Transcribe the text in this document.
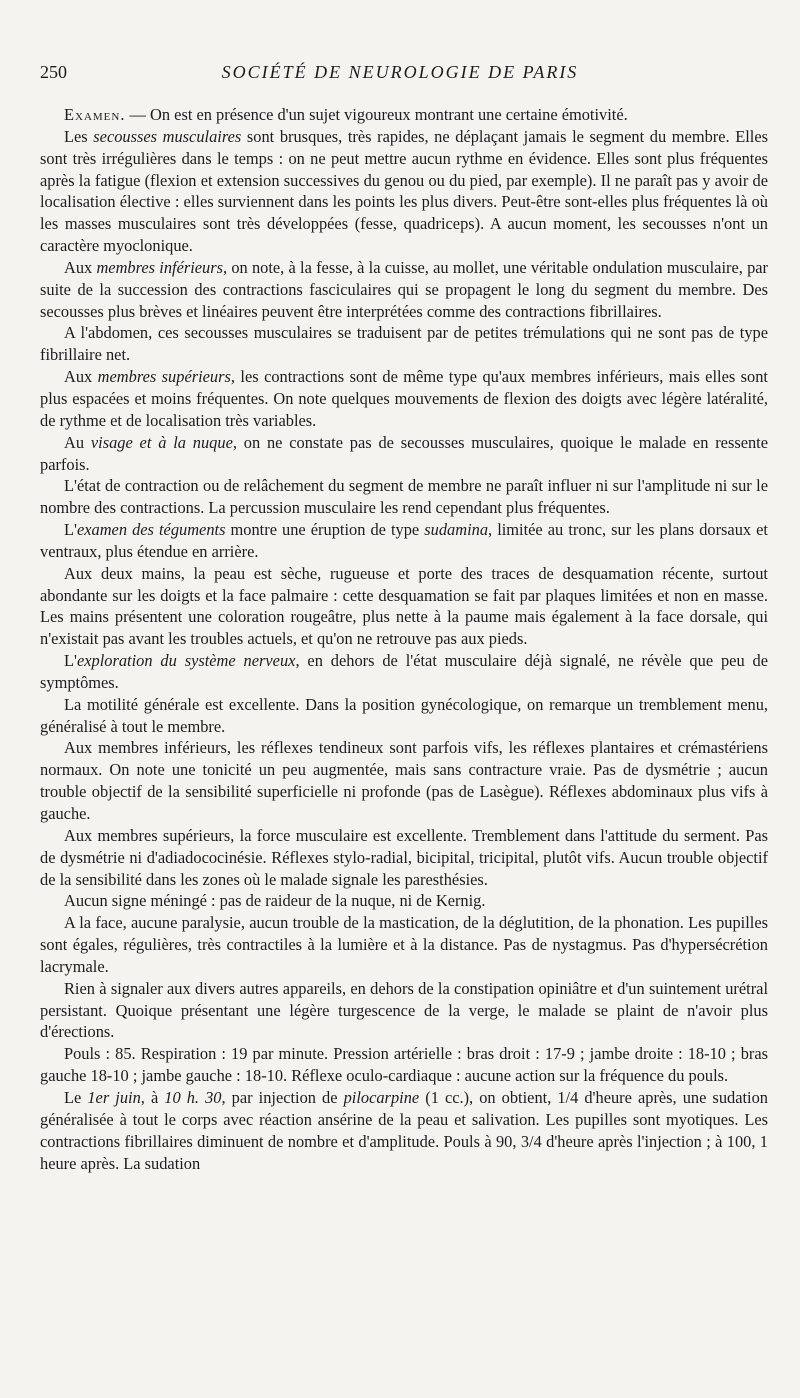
250	SOCIÉTÉ DE NEUROLOGIE DE PARIS

Examen. — On est en présence d'un sujet vigoureux montrant une certaine émotivité.

Les secousses musculaires sont brusques, très rapides, ne déplaçant jamais le segment du membre. Elles sont très irrégulières dans le temps : on ne peut mettre aucun rythme en évidence. Elles sont plus fréquentes après la fatigue (flexion et extension successives du genou ou du pied, par exemple). Il ne paraît pas y avoir de localisation élective : elles surviennent dans les points les plus divers. Peut-être sont-elles plus fréquentes là où les masses musculaires sont très développées (fesse, quadriceps). A aucun moment, les secousses n'ont un caractère myoclonique.

Aux membres inférieurs, on note, à la fesse, à la cuisse, au mollet, une véritable ondulation musculaire, par suite de la succession des contractions fasciculaires qui se propagent le long du segment du membre. Des secousses plus brèves et linéaires peuvent être interprétées comme des contractions fibrillaires.

A l'abdomen, ces secousses musculaires se traduisent par de petites trémulations qui ne sont pas de type fibrillaire net.

Aux membres supérieurs, les contractions sont de même type qu'aux membres inférieurs, mais elles sont plus espacées et moins fréquentes. On note quelques mouvements de flexion des doigts avec légère latéralité, de rythme et de localisation très variables.

Au visage et à la nuque, on ne constate pas de secousses musculaires, quoique le malade en ressente parfois.

L'état de contraction ou de relâchement du segment de membre ne paraît influer ni sur l'amplitude ni sur le nombre des contractions. La percussion musculaire les rend cependant plus fréquentes.

L'examen des téguments montre une éruption de type sudamina, limitée au tronc, sur les plans dorsaux et ventraux, plus étendue en arrière.

Aux deux mains, la peau est sèche, rugueuse et porte des traces de desquamation récente, surtout abondante sur les doigts et la face palmaire : cette desquamation se fait par plaques limitées et non en masse. Les mains présentent une coloration rougeâtre, plus nette à la paume mais également à la face dorsale, qui n'existait pas avant les troubles actuels, et qu'on ne retrouve pas aux pieds.

L'exploration du système nerveux, en dehors de l'état musculaire déjà signalé, ne révèle que peu de symptômes.

La motilité générale est excellente. Dans la position gynécologique, on remarque un tremblement menu, généralisé à tout le membre.

Aux membres inférieurs, les réflexes tendineux sont parfois vifs, les réflexes plantaires et crémastériens normaux. On note une tonicité un peu augmentée, mais sans contracture vraie. Pas de dysmétrie ; aucun trouble objectif de la sensibilité superficielle ni profonde (pas de Lasègue). Réflexes abdominaux plus vifs à gauche.

Aux membres supérieurs, la force musculaire est excellente. Tremblement dans l'attitude du serment. Pas de dysmétrie ni d'adiadococinésie. Réflexes stylo-radial, bicipital, tricipital, plutôt vifs. Aucun trouble objectif de la sensibilité dans les zones où le malade signale les paresthésies.

Aucun signe méningé : pas de raideur de la nuque, ni de Kernig.

A la face, aucune paralysie, aucun trouble de la mastication, de la déglutition, de la phonation. Les pupilles sont égales, régulières, très contractiles à la lumière et à la distance. Pas de nystagmus. Pas d'hypersécrétion lacrymale.

Rien à signaler aux divers autres appareils, en dehors de la constipation opiniâtre et d'un suintement urétral persistant. Quoique présentant une légère turgescence de la verge, le malade se plaint de n'avoir plus d'érections.

Pouls : 85. Respiration : 19 par minute. Pression artérielle : bras droit : 17-9 ; jambe droite : 18-10 ; bras gauche 18-10 ; jambe gauche : 18-10. Réflexe oculo-cardiaque : aucune action sur la fréquence du pouls.

Le 1er juin, à 10 h. 30, par injection de pilocarpine (1 cc.), on obtient, 1/4 d'heure après, une sudation généralisée à tout le corps avec réaction ansérine de la peau et salivation. Les pupilles sont myotiques. Les contractions fibrillaires diminuent de nombre et d'amplitude. Pouls à 90, 3/4 d'heure après l'injection ; à 100, 1 heure après. La sudation
